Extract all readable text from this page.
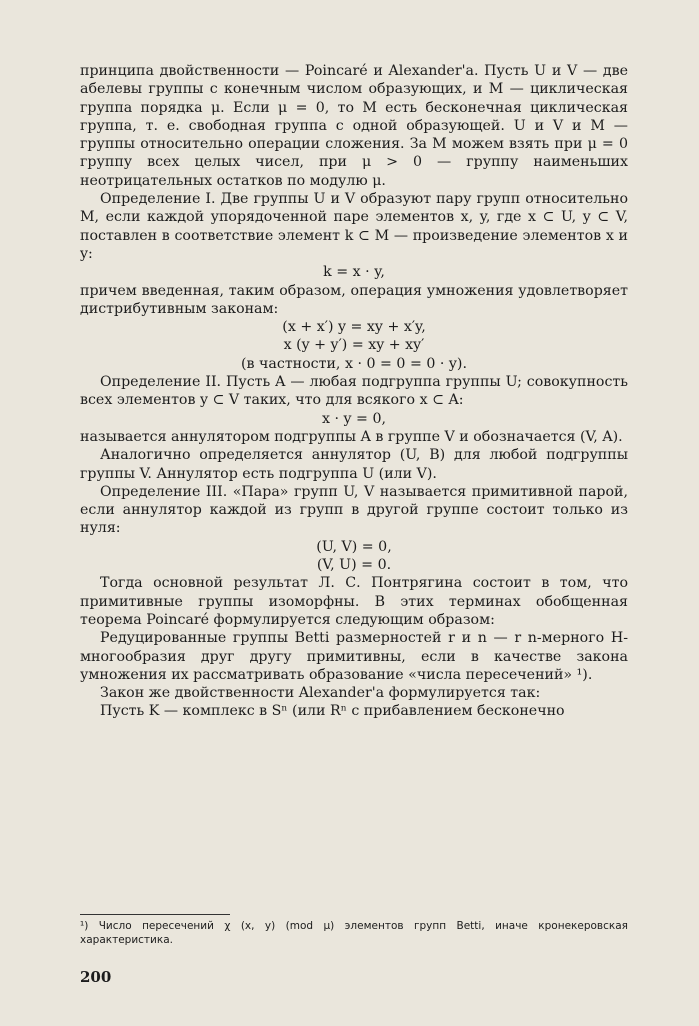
принципа двойственности — Poincaré и Alexander'а. Пусть U и V — две абелевы группы с конечным числом образующих, и M — циклическая группа порядка μ. Если μ = 0, то M есть бесконечная циклическая группа, т. е. свободная группа с одной образующей. U и V и M — группы относительно операции сложения. За M можем взять при μ = 0 группу всех целых чисел, при μ > 0 — группу наименьших неотрицательных остатков по модулю μ.

Определение I. Две группы U и V образуют пару групп относительно M, если каждой упорядоченной паре элементов x, y, где x ⊂ U, y ⊂ V, поставлен в соответствие элемент k ⊂ M — произведение элементов x и y:

k = x · y,

причем введенная, таким образом, операция умножения удовлетворяет дистрибутивным законам:

(x + x′) y = xy + x′y,

x (y + y′) = xy + xy′

(в частности, x · 0 = 0 = 0 · y).

Определение II. Пусть A — любая подгруппа группы U; совокупность всех элементов y ⊂ V таких, что для всякого x ⊂ A:

x · y = 0,

называется аннулятором подгруппы A в группе V и обозначается (V, A).

Аналогично определяется аннулятор (U, B) для любой подгруппы группы V. Аннулятор есть подгруппа U (или V).

Определение III. «Пара» групп U, V называется примитивной парой, если аннулятор каждой из групп в другой группе состоит только из нуля:

(U, V) = 0,

(V, U) = 0.

Тогда основной результат Л. С. Понтрягина состоит в том, что примитивные группы изоморфны. В этих терминах обобщенная теорема Poincaré формулируется следующим образом:

Редуцированные группы Betti размерностей r и n — r n-мерного H-многообразия друг другу примитивны, если в качестве закона умножения их рассматривать образование «числа пересечений» ¹).

Закон же двойственности Alexander'а формулируется так:

Пусть K — комплекс в Sⁿ (или Rⁿ с прибавлением бесконечно

¹) Число пересечений χ (x, y) (mod μ) элементов групп Betti, иначе кронекеровская характеристика.
200
